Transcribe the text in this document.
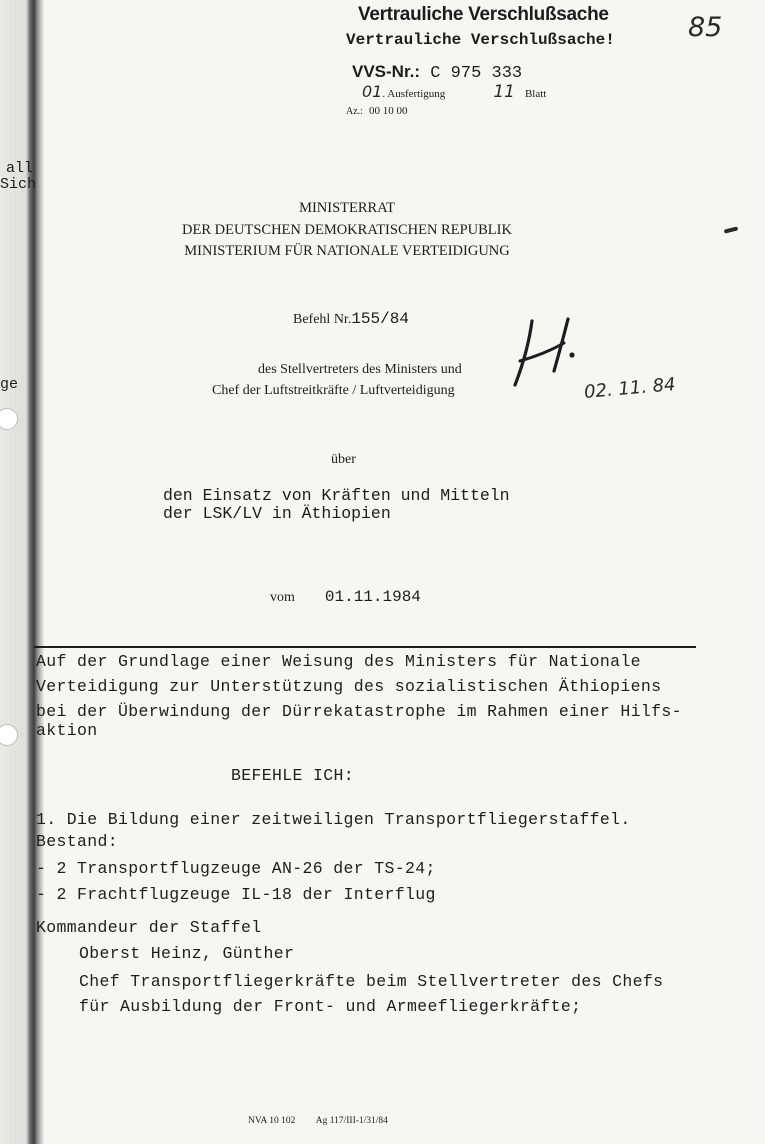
all
Sich
ge
Vertrauliche Verschlußsache
Vertrauliche Verschlußsache!	85
VVS-Nr.: C 975 333
01. Ausfertigung	11 Blatt
Az.: 00 10 00
MINISTERRAT
DER DEUTSCHEN DEMOKRATISCHEN REPUBLIK
MINISTERIUM FÜR NATIONALE VERTEIDIGUNG
Befehl Nr.155/84
des Stellvertreters des Ministers und
Chef der Luftstreitkräfte / Luftverteidigung	02. 11. 84
über
den Einsatz von Kräften und Mitteln
der LSK/LV in Äthiopien
vom 01.11.1984
Auf der Grundlage einer Weisung des Ministers für Nationale
Verteidigung zur Unterstützung des sozialistischen Äthiopiens
bei der Überwindung der Dürrekatastrophe im Rahmen einer Hilfs-
aktion
BEFEHLE ICH:
1. Die Bildung einer zeitweiligen Transportfliegerstaffel.
Bestand:
- 2 Transportflugzeuge AN-26 der TS-24;
- 2 Frachtflugzeuge IL-18 der Interflug
Kommandeur der Staffel
Oberst Heinz, Günther
Chef Transportfliegerkräfte beim Stellvertreter des Chefs
für Ausbildung der Front- und Armeefliegerkräfte;
NVA 10 102 Ag 117/III-1/31/84
